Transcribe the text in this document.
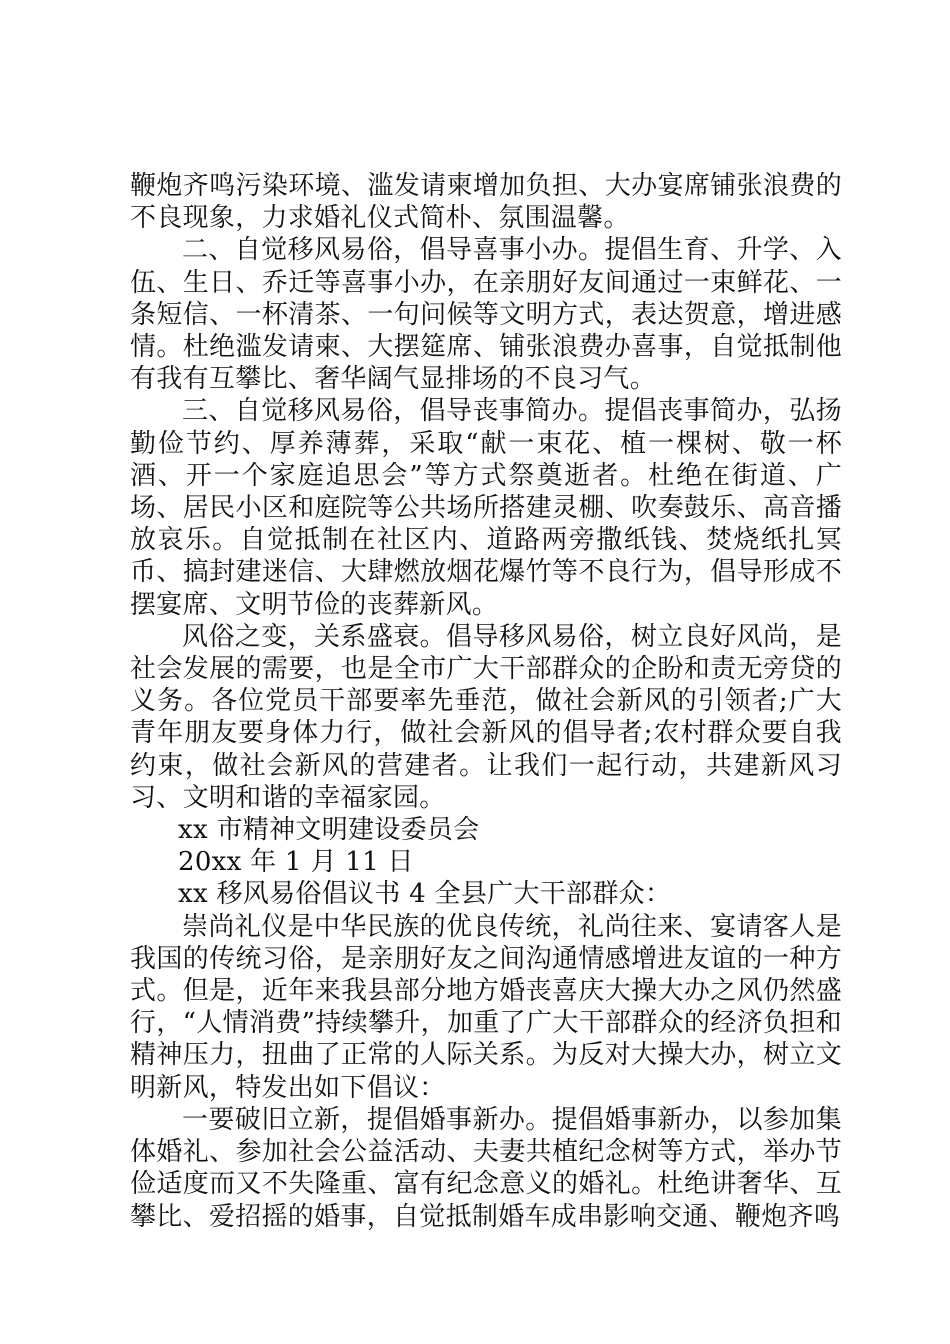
鞭炮齐鸣污染环境、滥发请柬增加负担、大办宴席铺张浪费的不良现象，力求婚礼仪式简朴、氛围温馨。

二、自觉移风易俗，倡导喜事小办。提倡生育、升学、入伍、生日、乔迁等喜事小办，在亲朋好友间通过一束鲜花、一条短信、一杯清茶、一句问候等文明方式，表达贺意，增进感情。杜绝滥发请柬、大摆筵席、铺张浪费办喜事，自觉抵制他有我有互攀比、奢华阔气显排场的不良习气。

三、自觉移风易俗，倡导丧事简办。提倡丧事简办，弘扬勤俭节约、厚养薄葬，采取“献一束花、植一棵树、敬一杯酒、开一个家庭追思会”等方式祭奠逝者。杜绝在街道、广场、居民小区和庭院等公共场所搭建灵棚、吹奏鼓乐、高音播放哀乐。自觉抵制在社区内、道路两旁撒纸钱、焚烧纸扎冥币、搞封建迷信、大肆燃放烟花爆竹等不良行为，倡导形成不摆宴席、文明节俭的丧葬新风。

风俗之变，关系盛衰。倡导移风易俗，树立良好风尚，是社会发展的需要，也是全市广大干部群众的企盼和责无旁贷的义务。各位党员干部要率先垂范，做社会新风的引领者;广大青年朋友要身体力行，做社会新风的倡导者;农村群众要自我约束，做社会新风的营建者。让我们一起行动，共建新风习习、文明和谐的幸福家园。

xx 市精神文明建设委员会

20xx 年 1 月 11 日

xx 移风易俗倡议书 4 全县广大干部群众：

崇尚礼仪是中华民族的优良传统，礼尚往来、宴请客人是我国的传统习俗，是亲朋好友之间沟通情感增进友谊的一种方式。但是，近年来我县部分地方婚丧喜庆大操大办之风仍然盛行，“人情消费”持续攀升，加重了广大干部群众的经济负担和精神压力，扭曲了正常的人际关系。为反对大操大办，树立文明新风，特发出如下倡议：

一要破旧立新，提倡婚事新办。提倡婚事新办，以参加集体婚礼、参加社会公益活动、夫妻共植纪念树等方式，举办节俭适度而又不失隆重、富有纪念意义的婚礼。杜绝讲奢华、互攀比、爱招摇的婚事，自觉抵制婚车成串影响交通、鞭炮齐鸣
